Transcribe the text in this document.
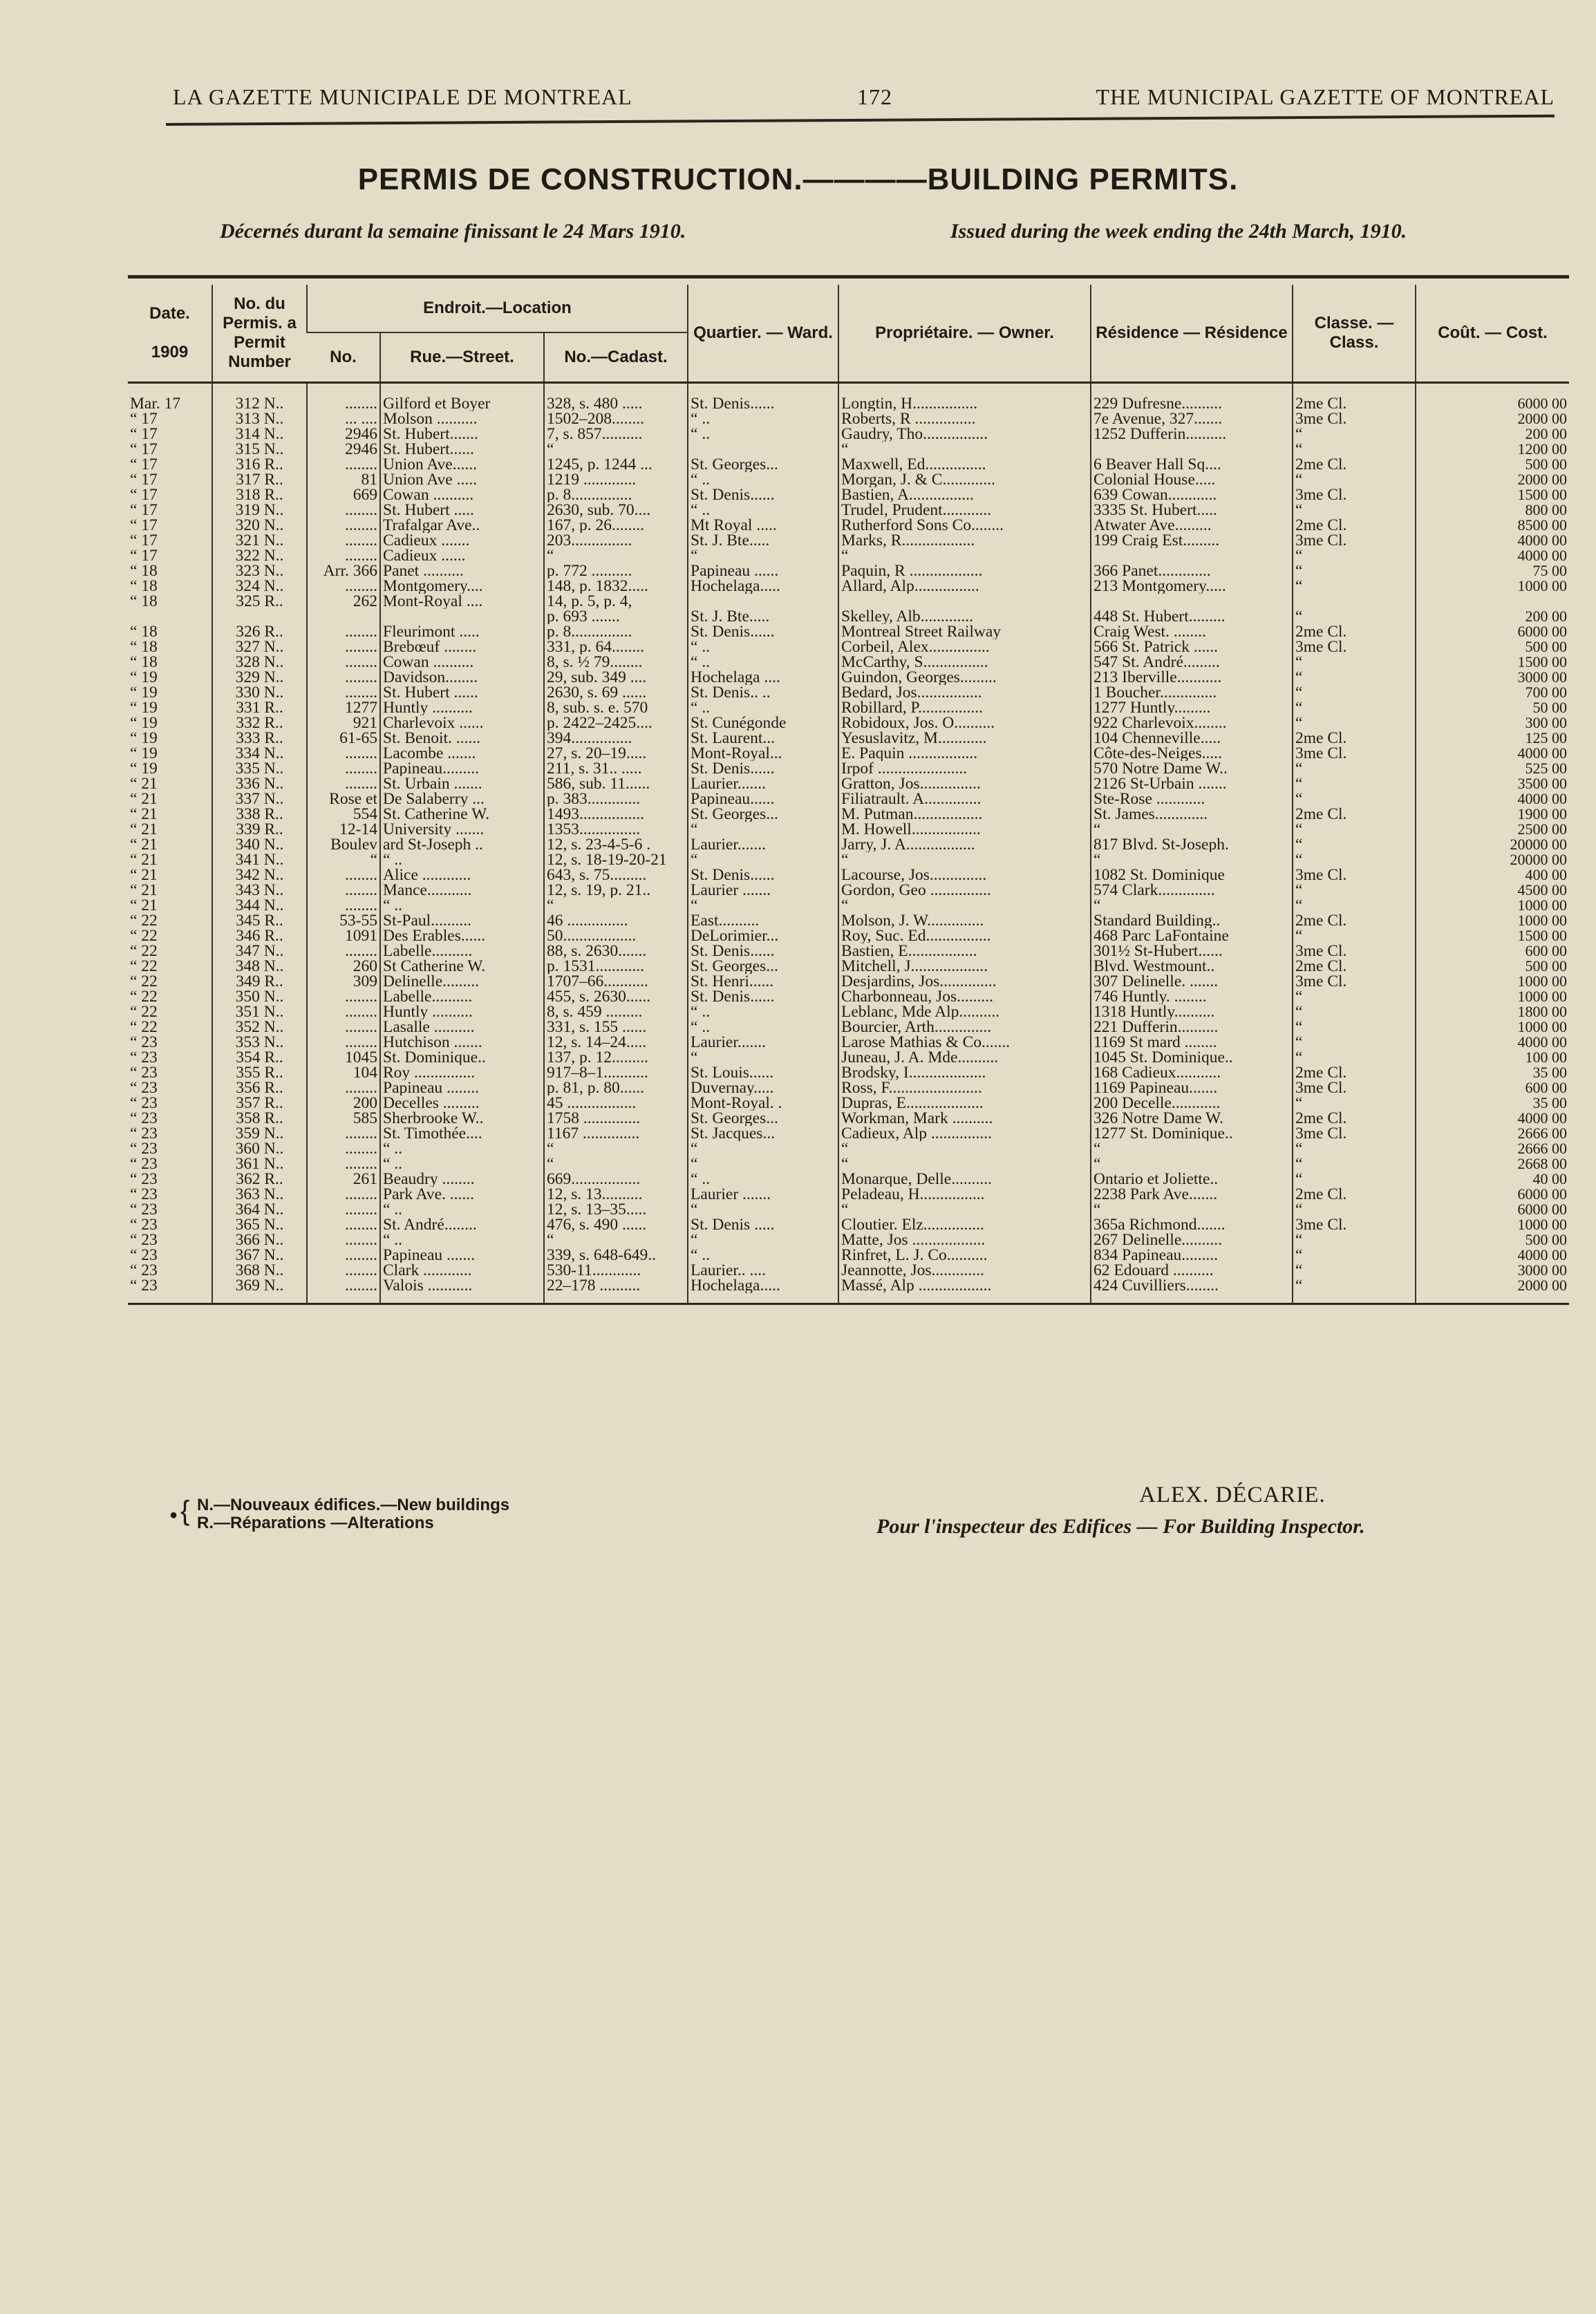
LA GAZETTE MUNICIPALE DE MONTREAL	172	THE MUNICIPAL GAZETTE OF MONTREAL
PERMIS DE CONSTRUCTION.————BUILDING PERMITS.
Décernés durant la semaine finissant le 24 Mars 1910.	Issued during the week ending the 24th March, 1910.
Date.

1909	No. du Permis. a Permit Number	Endroit.—Location			Quartier. — Ward.	Propriétaire. — Owner.	Résidence — Résidence	Classe. — Class.	Coût. — Cost.
		No.	Rue.—Street.	No.—Cadast.					

Mar. 17	312 N..	........	Gilford et Boyer	328, s. 480 .....	St. Denis......	Longtin, H................	229 Dufresne..........	2me Cl.	6000 00
“ 17	313 N..	... ....	Molson ..........	1502–208........	“ ..	Roberts, R ...............	7e Avenue, 327.......	3me Cl.	2000 00
“ 17	314 N..	2946	St. Hubert.......	7, s. 857..........	“ ..	Gaudry, Tho................	1252 Dufferin..........	“	200 00
“ 17	315 N..	2946	St. Hubert......	“		“		“	1200 00
“ 17	316 R..	........	Union Ave......	1245, p. 1244 ...	St. Georges...	Maxwell, Ed...............	6 Beaver Hall Sq....	2me Cl.	500 00
“ 17	317 R..	81	Union Ave .....	1219 .............	“ ..	Morgan, J. & C.............	Colonial House.....	“	2000 00
“ 17	318 R..	669	Cowan ..........	p. 8...............	St. Denis......	Bastien, A................	639 Cowan............	3me Cl.	1500 00
“ 17	319 N..	........	St. Hubert .....	2630, sub. 70....	“ ..	Trudel, Prudent............	3335 St. Hubert.....	“	800 00
“ 17	320 N..	........	Trafalgar Ave..	167, p. 26........	Mt Royal .....	Rutherford Sons Co........	Atwater Ave.........	2me Cl.	8500 00
“ 17	321 N..	........	Cadieux .......	203...............	St. J. Bte.....	Marks, R..................	199 Craig Est.........	3me Cl.	4000 00
“ 17	322 N..	........	Cadieux ......	“	“	“		“	4000 00
“ 18	323 N..	Arr. 366	Panet ..........	p. 772 ..........	Papineau ......	Paquin, R ..................	366 Panet.............	“	75 00
“ 18	324 N..	........	Montgomery....	148, p. 1832.....	Hochelaga.....	Allard, Alp................	213 Montgomery.....	“	1000 00
“ 18	325 R..	262	Mont-Royal ....	14, p. 5, p. 4,					
				p. 693 .......	St. J. Bte.....	Skelley, Alb.............	448 St. Hubert.........	“	200 00
“ 18	326 R..	........	Fleurimont .....	p. 8...............	St. Denis......	Montreal Street Railway	Craig West. ........	2me Cl.	6000 00
“ 18	327 N..	........	Brebœuf ........	331, p. 64........	“ ..	Corbeil, Alex...............	566 St. Patrick ......	3me Cl.	500 00
“ 18	328 N..	........	Cowan ..........	8, s. ½ 79........	“ ..	McCarthy, S................	547 St. André.........	“	1500 00
“ 19	329 N..	........	Davidson........	29, sub. 349 ....	Hochelaga ....	Guindon, Georges.........	213 Iberville...........	“	3000 00
“ 19	330 N..	........	St. Hubert ......	2630, s. 69 ......	St. Denis.. ..	Bedard, Jos................	1 Boucher..............	“	700 00
“ 19	331 R..	1277	Huntly ..........	8, sub. s. e. 570	“ ..	Robillard, P................	1277 Huntly.........	“	50 00
“ 19	332 R..	921	Charlevoix ......	p. 2422–2425....	St. Cunégonde	Robidoux, Jos. O..........	922 Charlevoix........	“	300 00
“ 19	333 R..	61-65	St. Benoit. ......	394...............	St. Laurent...	Yesuslavitz, M............	104 Chenneville.....	2me Cl.	125 00
“ 19	334 N..	........	Lacombe .......	27, s. 20–19.....	Mont-Royal...	E. Paquin .................	Côte-des-Neiges.....	3me Cl.	4000 00
“ 19	335 N..	........	Papineau.........	211, s. 31.. .....	St. Denis......	Irpof ......................	570 Notre Dame W..	“	525 00
“ 21	336 N..	........	St. Urbain .......	586, sub. 11......	Laurier.......	Gratton, Jos...............	2126 St-Urbain .......	“	3500 00
“ 21	337 N..	Rose et	De Salaberry ...	p. 383.............	Papineau......	Filiatrault. A..............	Ste-Rose ............	“	4000 00
“ 21	338 R..	554	St. Catherine W.	1493................	St. Georges...	M. Putman.................	St. James.............	2me Cl.	1900 00
“ 21	339 R..	12-14	University .......	1353...............	“	M. Howell.................	“	“	2500 00
“ 21	340 N..	Boulev	ard St-Joseph ..	12, s. 23-4-5-6 .	Laurier.......	Jarry, J. A.................	817 Blvd. St-Joseph.	“	20000 00
“ 21	341 N..	“	“ ..	12, s. 18-19-20-21	“	“	“	“	20000 00
“ 21	342 N..	........	Alice ............	643, s. 75.........	St. Denis......	Lacourse, Jos..............	1082 St. Dominique	3me Cl.	400 00
“ 21	343 N..	........	Mance...........	12, s. 19, p. 21..	Laurier .......	Gordon, Geo ...............	574 Clark..............	“	4500 00
“ 21	344 N..	........	“ ..	“	“	“	“	“	1000 00
“ 22	345 R..	53-55	St-Paul..........	46 ...............	East..........	Molson, J. W..............	Standard Building..	2me Cl.	1000 00
“ 22	346 R..	1091	Des Erables......	50..................	DeLorimier...	Roy, Suc. Ed................	468 Parc LaFontaine	“	1500 00
“ 22	347 N..	........	Labelle..........	88, s. 2630.......	St. Denis......	Bastien, E.................	301½ St-Hubert......	3me Cl.	600 00
“ 22	348 N..	260	St Catherine W.	p. 1531............	St. Georges...	Mitchell, J...................	Blvd. Westmount..	2me Cl.	500 00
“ 22	349 R..	309	Delinelle.........	1707–66...........	St. Henri......	Desjardins, Jos..............	307 Delinelle. .......	3me Cl.	1000 00
“ 22	350 N..	........	Labelle..........	455, s. 2630......	St. Denis......	Charbonneau, Jos.........	746 Huntly. ........	“	1000 00
“ 22	351 N..	........	Huntly ..........	8, s. 459 .........	“ ..	Leblanc, Mde Alp..........	1318 Huntly..........	“	1800 00
“ 22	352 N..	........	Lasalle ..........	331, s. 155 ......	“ ..	Bourcier, Arth..............	221 Dufferin..........	“	1000 00
“ 23	353 N..	........	Hutchison .......	12, s. 14–24.....	Laurier.......	Larose Mathias & Co.......	1169 St mard ........	“	4000 00
“ 23	354 R..	1045	St. Dominique..	137, p. 12.........	“	Juneau, J. A. Mde..........	1045 St. Dominique..	“	100 00
“ 23	355 R..	104	Roy ...............	917–8–1...........	St. Louis......	Brodsky, I...................	168 Cadieux...........	2me Cl.	35 00
“ 23	356 R..	........	Papineau ........	p. 81, p. 80......	Duvernay.....	Ross, F.......................	1169 Papineau.......	3me Cl.	600 00
“ 23	357 R..	200	Decelles .........	45 .................	Mont-Royal. .	Dupras, E...................	200 Decelle............	“	35 00
“ 23	358 R..	585	Sherbrooke W..	1758 ..............	St. Georges...	Workman, Mark ..........	326 Notre Dame W.	2me Cl.	4000 00
“ 23	359 N..	........	St. Timothée....	1167 ..............	St. Jacques...	Cadieux, Alp ...............	1277 St. Dominique..	3me Cl.	2666 00
“ 23	360 N..	........	“ ..	“	“	“	“	“	2666 00
“ 23	361 N..	........	“ ..	“	“	“	“	“	2668 00
“ 23	362 R..	261	Beaudry ........	669.................	“ ..	Monarque, Delle..........	Ontario et Joliette..	“	40 00
“ 23	363 N..	........	Park Ave. ......	12, s. 13..........	Laurier .......	Peladeau, H................	2238 Park Ave.......	2me Cl.	6000 00
“ 23	364 N..	........	“ ..	12, s. 13–35.....	“	“	“	“	6000 00
“ 23	365 N..	........	St. André........	476, s. 490 ......	St. Denis .....	Cloutier. Elz...............	365a Richmond.......	3me Cl.	1000 00
“ 23	366 N..	........	“ ..	“	“	Matte, Jos ..................	267 Delinelle..........	“	500 00
“ 23	367 N..	........	Papineau .......	339, s. 648-649..	“ ..	Rinfret, L. J. Co..........	834 Papineau.........	“	4000 00
“ 23	368 N..	........	Clark ............	530-11............	Laurier.. ....	Jeannotte, Jos.............	62 Edouard ..........	“	3000 00
“ 23	369 N..	........	Valois ...........	22–178 ..........	Hochelaga.....	Massé, Alp ..................	424 Cuvilliers........	“	2000 00

● { N.—Nouveaux édifices.—New buildings
R.—Réparations —Alterations
ALEX. DÉCARIE.
Pour l'inspecteur des Edifices — For Building Inspector.
